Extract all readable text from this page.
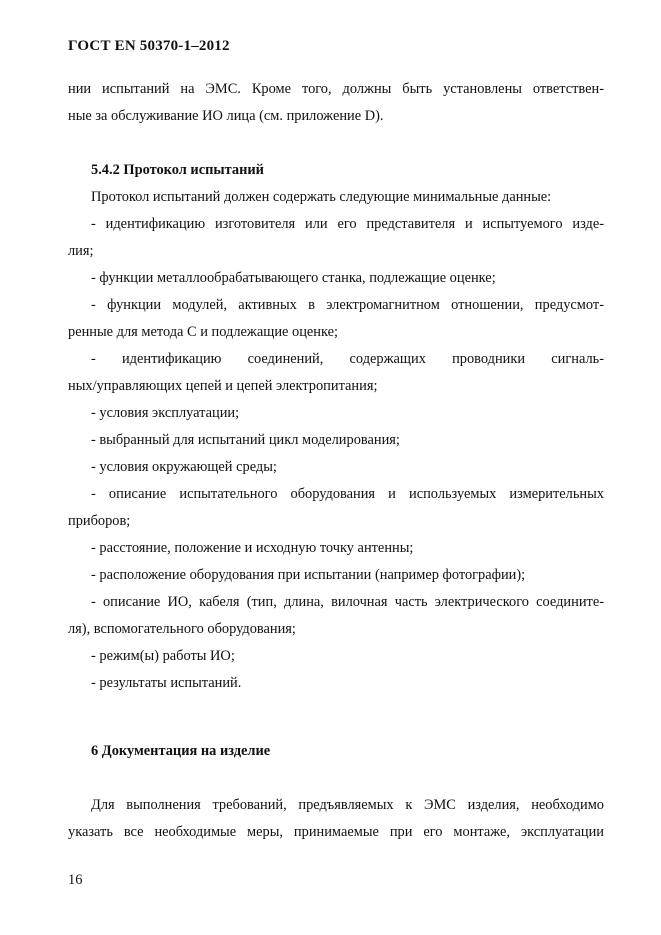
ГОСТ EN 50370-1–2012
нии испытаний на ЭМС. Кроме того, должны быть установлены ответствен-
ные за обслуживание ИО лица (см. приложение D).
5.4.2 Протокол испытаний
Протокол испытаний должен содержать следующие минимальные данные:
- идентификацию изготовителя или его представителя и испытуемого изде-
лия;
- функции металлообрабатывающего станка, подлежащие оценке;
- функции модулей, активных в электромагнитном отношении, предусмот-
ренные для метода C и подлежащие оценке;
- идентификацию соединений, содержащих проводники сигналь-
ных/управляющих цепей и цепей электропитания;
- условия эксплуатации;
- выбранный для испытаний цикл моделирования;
- условия окружающей среды;
- описание испытательного оборудования и используемых измерительных
приборов;
- расстояние, положение и исходную точку антенны;
- расположение оборудования при испытании (например фотографии);
- описание ИО, кабеля (тип, длина, вилочная часть электрического соедините-
ля), вспомогательного оборудования;
- режим(ы) работы ИО;
- результаты испытаний.
6 Документация на изделие
Для выполнения требований, предъявляемых к ЭМС изделия, необходимо
указать все необходимые меры, принимаемые при его монтаже, эксплуатации
16
